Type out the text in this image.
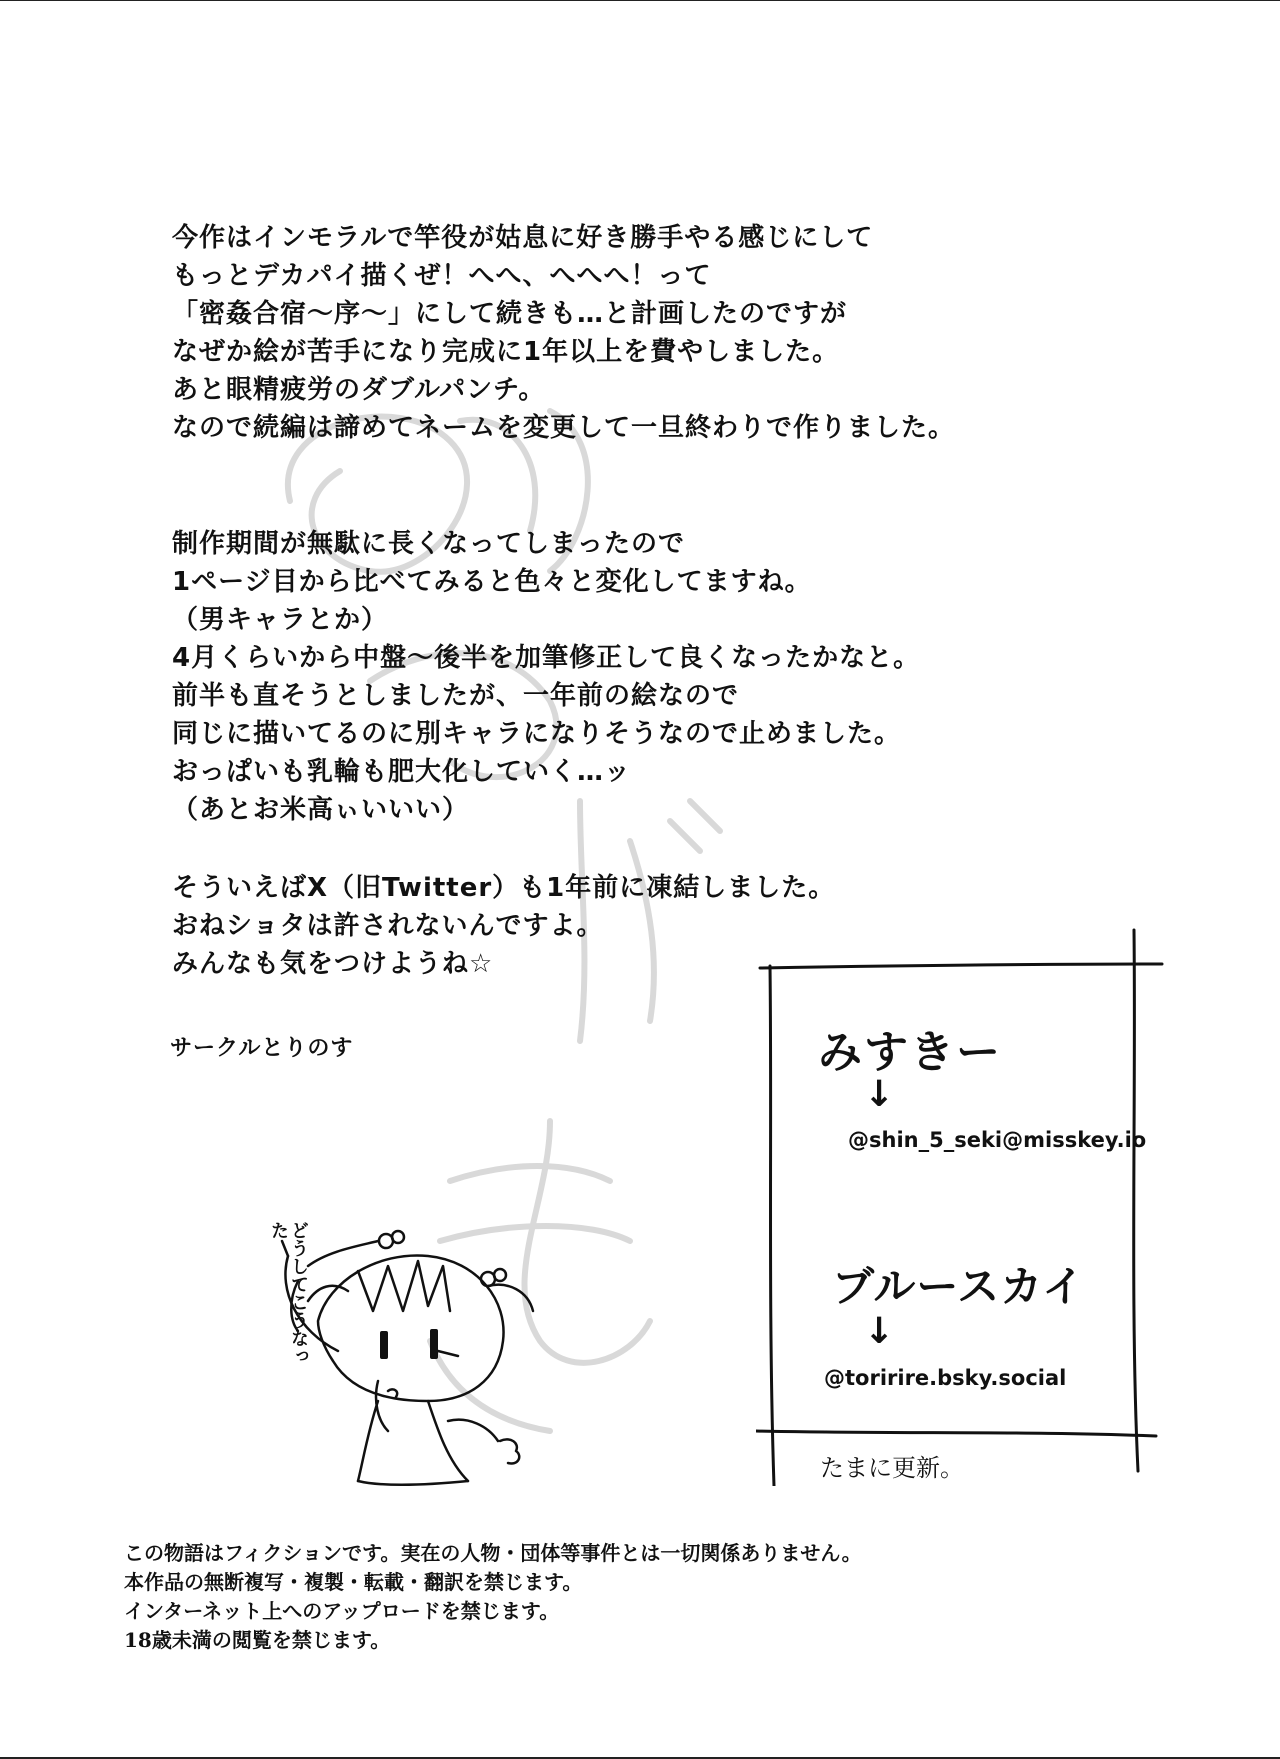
今作はインモラルで竿役が姑息に好き勝手やる感じにして
もっとデカパイ描くぜ！へへ、へへへ！って
「密姦合宿〜序〜」にして続きも…と計画したのですが
なぜか絵が苦手になり完成に1年以上を費やしました。
あと眼精疲労のダブルパンチ。
なので続編は諦めてネームを変更して一旦終わりで作りました。

制作期間が無駄に長くなってしまったので
1ページ目から比べてみると色々と変化してますね。
（男キャラとか）
4月くらいから中盤〜後半を加筆修正して良くなったかなと。
前半も直そうとしましたが、一年前の絵なので
同じに描いてるのに別キャラになりそうなので止めました。
おっぱいも乳輪も肥大化していく…ッ
（あとお米高ぃいいい）

そういえばX（旧Twitter）も1年前に凍結しました。
おねショタは許されないんですよ。
みんなも気をつけようね☆

サークルとりのす	みすきー
↓
@shin_5_seki@misskey.io
ブルースカイ
↓
@toririre.bsky.social
たまに更新。
どうしてこうなった

この物語はフィクションです。実在の人物・団体等事件とは一切関係ありません。
本作品の無断複写・複製・転載・翻訳を禁じます。
インターネット上へのアップロードを禁じます。
18歳未満の閲覧を禁じます。
